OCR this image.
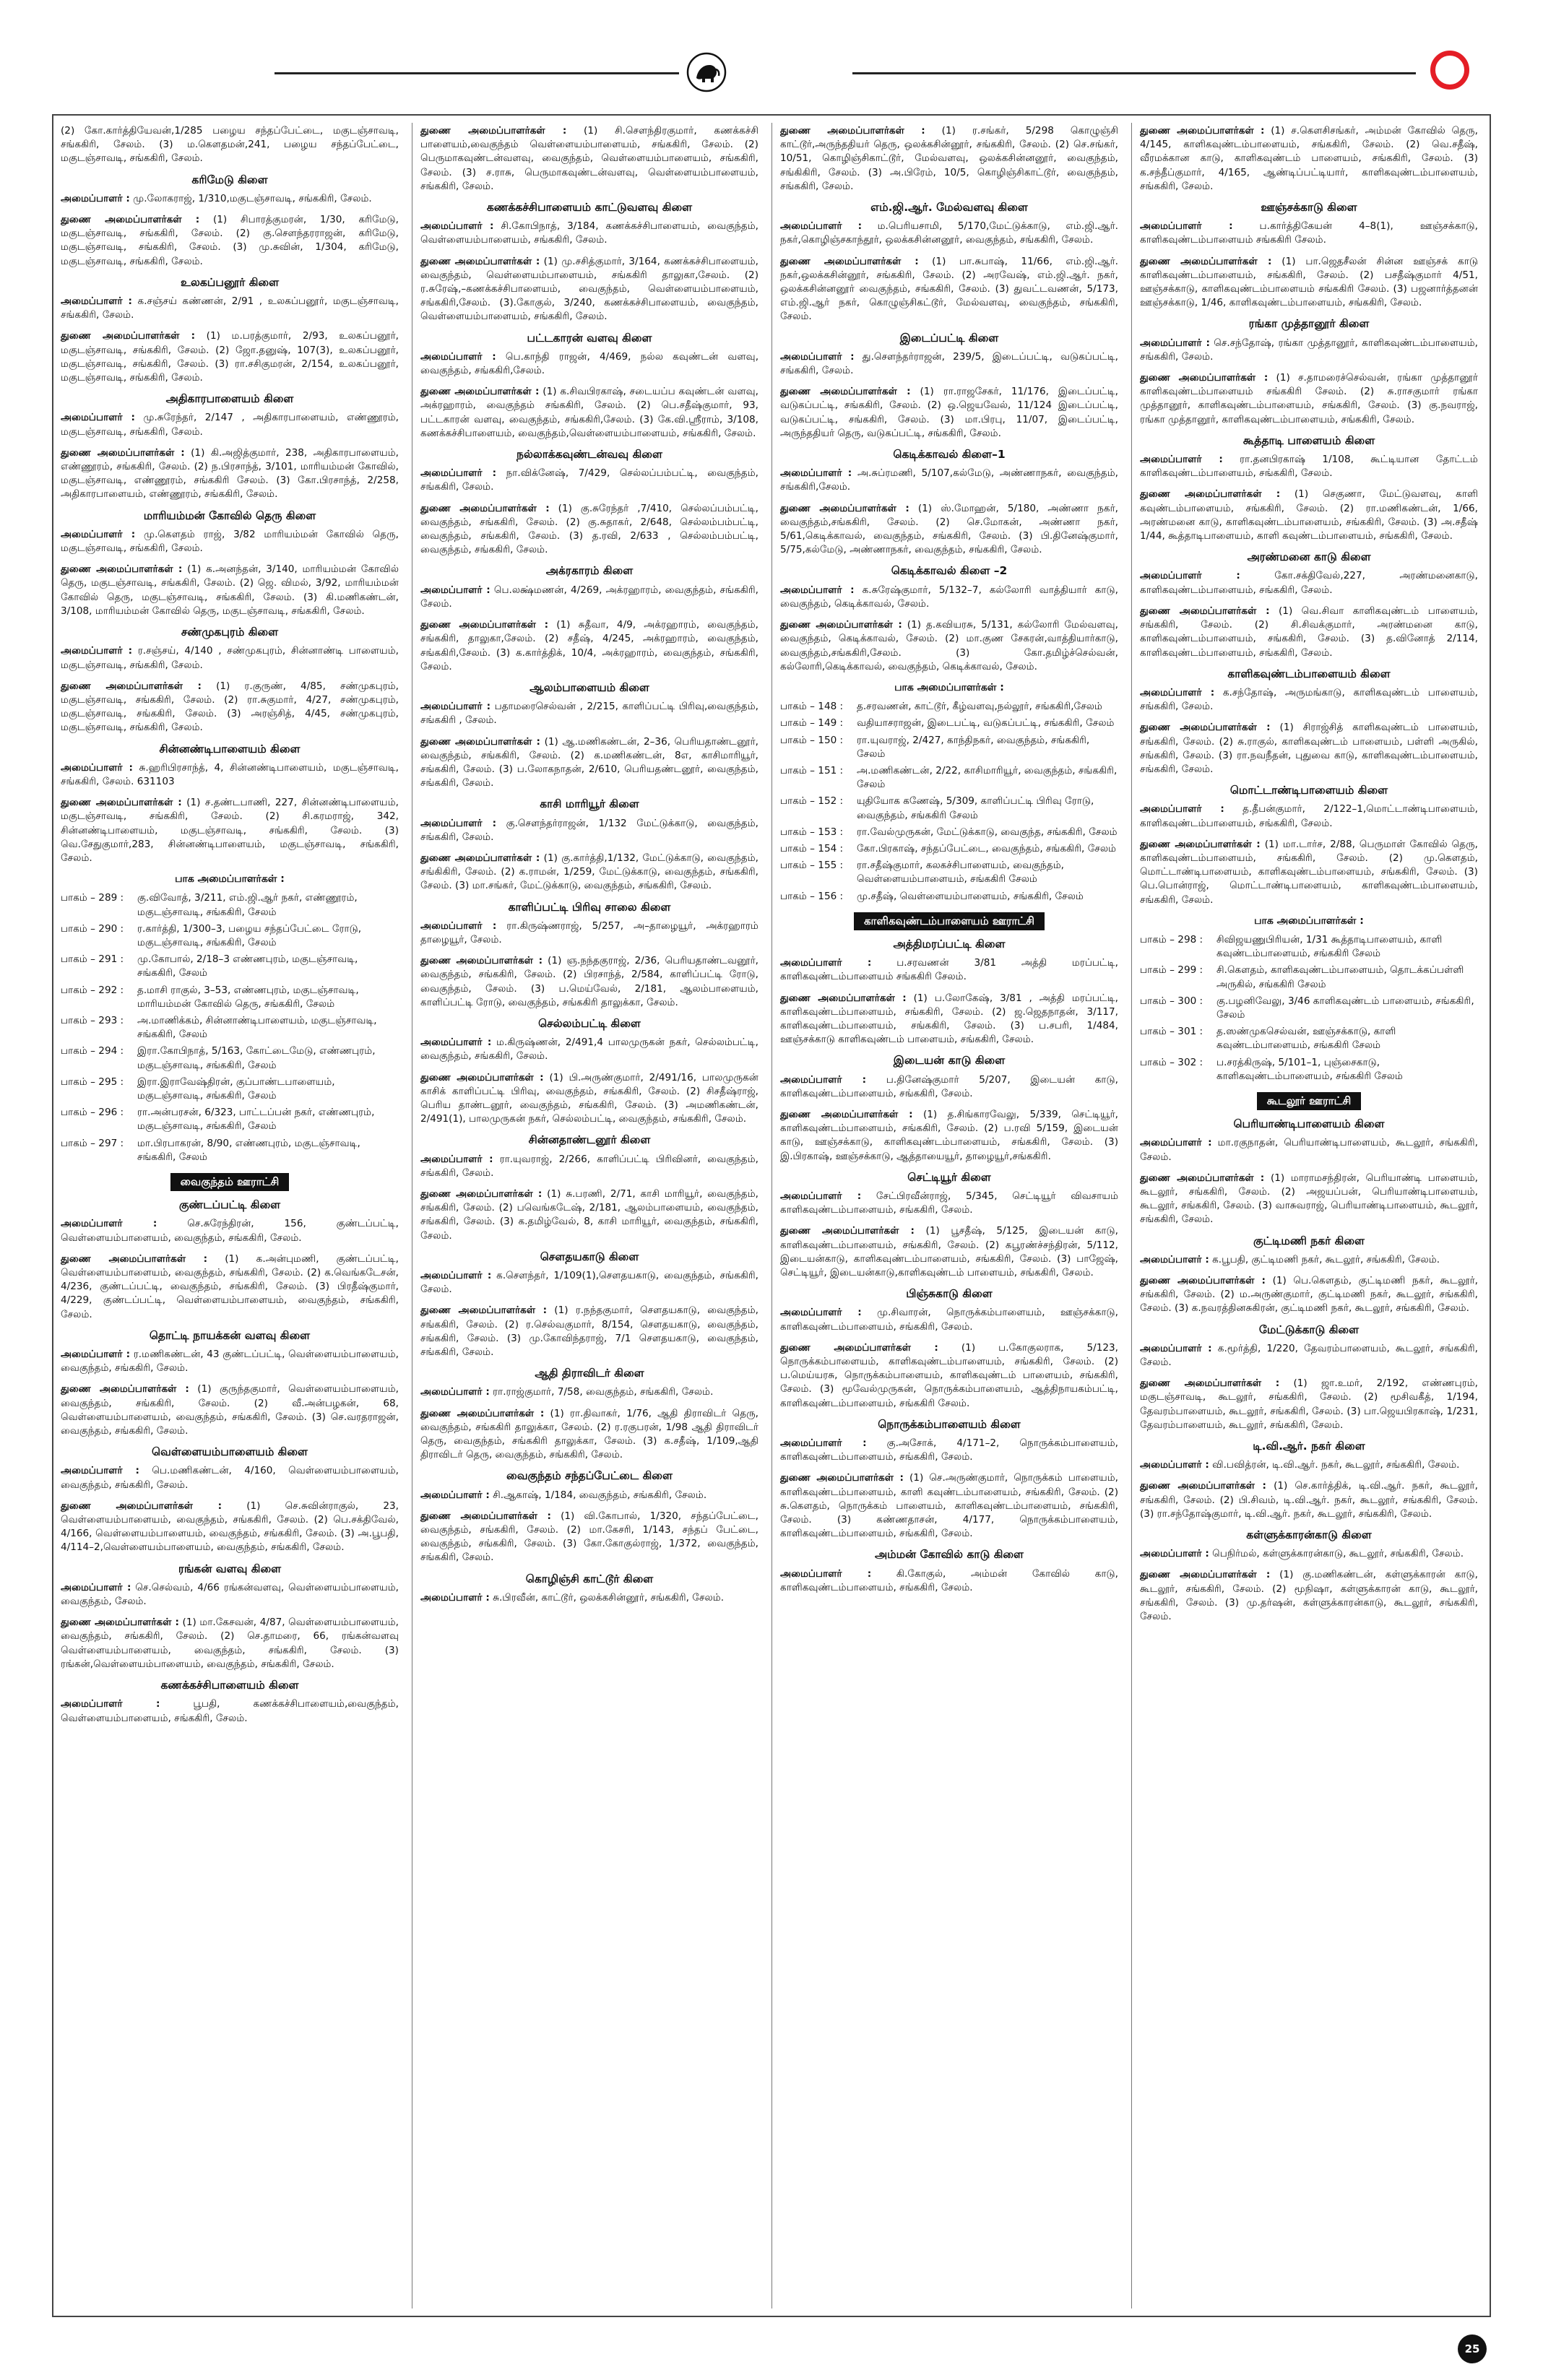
(2) கோ.கார்த்தியேவன்,1/285 பழைய சந்தப்பேட்டை, மகுடஞ்சாவடி, சங்ககிரி, சேலம். (3) ம.கௌதமன்,241, பழைய சந்தப்பேட்டை, மகுடஞ்சாவடி, சங்ககிரி, சேலம்.

கரிமேடு கிளை

அமைப்பாளர் : மு.லோகராஜ், 1/310,மகுடஞ்சாவடி, சங்ககிரி, சேலம்.

துணை அமைப்பாளர்கள் : (1) சிபாரத்குமரன், 1/30, கரிமேடு, மகுடஞ்சாவடி, சங்ககிரி, சேலம். (2) கு.சௌந்தரராஜன், கரிமேடு, மகுடஞ்சாவடி, சங்ககிரி, சேலம். (3) மு.சுவின், 1/304, கரிமேடு, மகுடஞ்சாவடி, சங்ககிரி, சேலம்.

உலகப்பனூர் கிளை

அமைப்பாளர் : க.சஞ்சய் கண்ணன், 2/91 , உலகப்பனூர், மகுடஞ்சாவடி, சங்ககிரி, சேலம்.

துணை அமைப்பாளர்கள் : (1) ம.பரத்குமார், 2/93, உலகப்பனூர், மகுடஞ்சாவடி, சங்ககிரி, சேலம். (2) ஜோ.தனுஷ், 107(3), உலகப்பனூர், மகுடஞ்சாவடி, சங்ககிரி, சேலம். (3) ரா.சசிகுமரன், 2/154, உலகப்பனூர், மகுடஞ்சாவடி, சங்ககிரி, சேலம்.

அதிகாரபாளையம் கிளை

அமைப்பாளர் : மு.சுரேந்தர், 2/147 , அதிகாரபாளையம், எண்ணூரம், மகுடஞ்சாவடி, சங்ககிரி, சேலம்.

துணை அமைப்பாளர்கள் : (1) கி.அஜித்குமார், 238, அதிகாரபாளையம், எண்ணூரம், சங்ககிரி, சேலம். (2) ந.பிரசாந்த், 3/101, மாரியம்மன் கோவில், மகுடஞ்சாவடி, எண்ணூரம், சங்ககிரி சேலம். (3) கோ.பிரசாந்த், 2/258, அதிகாரபாளையம், எண்ணூரம், சங்ககிரி, சேலம்.

மாரியம்மன் கோவில் தெரு கிளை

அமைப்பாளர் : மு.கௌதம் ராஜ், 3/82 மாரியம்மன் கோவில் தெரு, மகுடஞ்சாவடி, சங்ககிரி, சேலம்.

துணை அமைப்பாளர்கள் : (1) க.அனந்தன், 3/140, மாரியம்மன் கோவில் தெரு, மகுடஞ்சாவடி, சங்ககிரி, சேலம். (2) ஜெ. விமல், 3/92, மாரியம்மன் கோவில் தெரு, மகுடஞ்சாவடி, சங்ககிரி, சேலம். (3) கி.மணிகண்டன், 3/108, மாரியம்மன் கோவில் தெரு, மகுடஞ்சாவடி, சங்ககிரி, சேலம்.

சண்முகபுரம் கிளை

அமைப்பாளர் : ர.சஞ்சய், 4/140 , சண்முகபுரம், சின்னாண்டி பாளையம், மகுடஞ்சாவடி, சங்ககிரி, சேலம்.

துணை அமைப்பாளர்கள் : (1) ர.குருண், 4/85, சண்முகபுரம், மகுடஞ்சாவடி, சங்ககிரி, சேலம். (2) ரா.சுகுமார், 4/27, சண்முகபுரம், மகுடஞ்சாவடி, சங்ககிரி, சேலம். (3) அரஞ்சித், 4/45, சண்முகபுரம், மகுடஞ்சாவடி, சங்ககிரி, சேலம்.

சின்னண்டிபாளையம் கிளை

அமைப்பாளர் : சு.ஹரிபிரசாந்த், 4, சின்னண்டிபாளையம், மகுடஞ்சாவடி, சங்ககிரி, சேலம். 631103

துணை அமைப்பாளர்கள் : (1) ச.தண்டபாணி, 227, சின்னண்டிபாளையம், மகுடஞ்சாவடி, சங்ககிரி, சேலம். (2) சி.கரமராஜ், 342, சின்னண்டிபாளையம், மகுடஞ்சாவடி, சங்ககிரி, சேலம். (3) வெ.சேதுகுமார்,283, சின்னண்டிபாளையம், மகுடஞ்சாவடி, சங்ககிரி, சேலம்.

பாக அமைப்பாளர்கள் :
பாகம் – 289 :	கு.விவோத், 3/211, எம்.ஜி.ஆர் நகர், எண்ணூரம், மகுடஞ்சாவடி, சங்ககிரி, சேலம்
பாகம் – 290 :	ர.கார்த்தி, 1/300–3, பழைய சந்தப்பேட்டை ரோடு, மகுடஞ்சாவடி, சங்ககிரி, சேலம்
பாகம் – 291 :	மு.கோபால், 2/18–3 எண்ணபுரம், மகுடஞ்சாவடி, சங்ககிரி, சேலம்
பாகம் – 292 :	த.மாசி ராகுல், 3–53, எண்ணபுரம், மகுடஞ்சாவடி, மாரியம்மன் கோவில் தெரு, சங்ககிரி, சேலம்
பாகம் – 293 :	அ.மாணிக்கம், சின்னாண்டிபாளையம், மகுடஞ்சாவடி, சங்ககிரி, சேலம்
பாகம் – 294 :	இரா.கோபிநாத், 5/163, கோட்டைமேடு, எண்ணபுரம், மகுடஞ்சாவடி, சங்ககிரி, சேலம்
பாகம் – 295 :	இரா.இராவேஷ்திரன், குப்பாண்டபாளையம், மகுடஞ்சாவடி, சங்ககிரி, சேலம்
பாகம் – 296 :	ரா.அன்பரசன், 6/323, பாட்டப்பன் நகர், எண்ணபுரம், மகுடஞ்சாவடி, சங்ககிரி, சேலம்
பாகம் – 297 :	மா.பிரபாகரன், 8/90, எண்ணபுரம், மகுடஞ்சாவடி, சங்ககிரி, சேலம்
வைகுந்தம் ஊராட்சி
குண்டப்பட்டி கிளை

அமைப்பாளர் :	செ.சுரேந்திரன், 156, குண்டப்பட்டி, வெள்ளையம்பாளையம், வைகுந்தம், சங்ககிரி, சேலம்.

துணை அமைப்பாளர்கள் : (1) க.அன்புமணி, குண்டப்பட்டி, வெள்ளையம்பாளையம், வைகுந்தம், சங்ககிரி, சேலம். (2) க.வெங்கடேசன், 4/236, குண்டப்பட்டி, வைகுந்தம், சங்ககிரி, சேலம். (3) பிரதீஷ்குமார், 4/229, குண்டப்பட்டி, வெள்ளையம்பாளையம், வைகுந்தம், சங்ககிரி, சேலம்.

தொட்டி நாயக்கன் வளவு கிளை

அமைப்பாளர் : ர.மணிகண்டன், 43 குண்டப்பட்டி, வெள்ளையம்பாளையம், வைகுந்தம், சங்ககிரி, சேலம்.

துணை அமைப்பாளர்கள் : (1) குருந்தகுமார், வெள்ளையம்பாளையம், வைகுந்தம், சங்ககிரி, சேலம். (2) வீ.அன்பழகன், 68, வெள்ளையம்பாளையம், வைகுந்தம், சங்ககிரி, சேலம். (3) செ.வரதராஜன், வைகுந்தம், சங்ககிரி, சேலம்.

வெள்ளையம்பாளையம் கிளை

அமைப்பாளர் : பெ.மணிகண்டன், 4/160, வெள்ளையம்பாளையம், வைகுந்தம், சங்ககிரி, சேலம்.

துணை அமைப்பாளர்கள் :	(1) செ.சுவின்ராகுல், 23, வெள்ளையம்பாளையம், வைகுந்தம், சங்ககிரி, சேலம். (2) பெ.சக்திவேல், 4/166, வெள்ளையம்பாளையம், வைகுந்தம், சங்ககிரி, சேலம். (3) அ.பூபதி, 4/114–2,வெள்ளையம்பாளையம், வைகுந்தம், சங்ககிரி, சேலம்.

ரங்கன் வளவு கிளை

அமைப்பாளர் : செ.செல்வம், 4/66 ரங்கன்வளவு, வெள்ளையம்பாளையம், வைகுந்தம், சேலம்.

துணை அமைப்பாளர்கள் : (1) மா.கேசவன், 4/87, வெள்ளையம்பாளையம், வைகுந்தம், சங்ககிரி, சேலம். (2) செ.தாமரை, 66, ரங்கன்வளவு வெள்ளையம்பாளையம், வைகுந்தம், சங்ககிரி, சேலம். (3) ரங்கன்,வெள்ளையம்பாளையம், வைகுந்தம், சங்ககிரி, சேலம்.

கணக்கச்சிபாளையம் கிளை

அமைப்பாளர் :	பூபதி, கணக்கச்சிபாளையம்,வைகுந்தம், வெள்ளையம்பாளையம், சங்ககிரி, சேலம்.

துணை அமைப்பாளர்கள் : (1) சி.சௌந்திரகுமார், கணக்கச்சி பாளையம்,வைகுந்தம் வெள்ளையம்பாளையம், சங்ககிரி, சேலம். (2) பெருமாகவுண்டன்வளவு, வைகுந்தம், வெள்ளையம்பாளையம், சங்ககிரி, சேலம். (3) ச.ராசு, பெருமாகவுண்டன்வளவு, வெள்ளையம்பாளையம், சங்ககிரி, சேலம்.

கணக்கச்சிபாளையம் காட்டுவளவு கிளை

அமைப்பாளர் : சி.கோபிநாத், 3/184, கணக்கச்சிபாளையம், வைகுந்தம், வெள்ளையம்பாளையம், சங்ககிரி, சேலம்.

துணை அமைப்பாளர்கள் : (1) மு.சசித்குமார், 3/164, கணக்கச்சிபாளையம், வைகுந்தம், வெள்ளையம்பாளையம், சங்ககிரி தாலுகா,சேலம். (2) ர.சுரேஷ்,–கணக்கச்சிபாளையம், வைகுந்தம், வெள்ளையம்பாளையம், சங்ககிரி,சேலம். (3).கோகுல், 3/240, கணக்கச்சிபாளையம், வைகுந்தம், வெள்ளையம்பாளையம், சங்ககிரி, சேலம்.

பட்டகாரன் வளவு கிளை

அமைப்பாளர் : பெ.காந்தி ராஜன், 4/469, நல்ல கவுண்டன் வளவு, வைகுந்தம், சங்ககிரி,சேலம்.

துணை அமைப்பாளர்கள் : (1) க.சிவபிரகாஷ், சடையப்ப கவுண்டன் வளவு, அக்ரஹாரம், வைகுந்தம் சங்ககிரி, சேலம். (2) பெ.சதீஷ்குமார், 93, பட்டகாரன் வளவு, வைகுந்தம், சங்ககிரி,சேலம். (3) கே.வி.ஸ்ரீராம், 3/108, கணக்கச்சிபாளையம், வைகுந்தம்,வெள்ளையம்பாளையம், சங்ககிரி, சேலம்.

நல்லாக்கவுண்டன்வவு கிளை

அமைப்பாளர் : நா.விக்னேஷ், 7/429, செல்லப்பம்பட்டி, வைகுந்தம், சங்ககிரி, சேலம்.

துணை அமைப்பாளர்கள் : (1) கு.சுரேந்தர் ,7/410, செல்லப்பம்பட்டி, வைகுந்தம், சங்ககிரி, சேலம். (2) கு.சுதாகர், 2/648, செல்லம்பம்பட்டி, வைகுந்தம், சங்ககிரி, சேலம். (3) த.ரவி, 2/633 , செல்லம்பம்பட்டி, வைகுந்தம், சங்ககிரி, சேலம்.

அக்ரகாரம் கிளை

அமைப்பாளர் : பெ.லக்ஷ்மணன், 4/269, அக்ரஹாரம், வைகுந்தம், சங்ககிரி, சேலம்.

துணை அமைப்பாளர்கள் : (1) சுதீவா, 4/9, அக்ரஹாரம், வைகுந்தம், சங்ககிரி, தாலுகா,சேலம். (2) சதீஷ், 4/245, அக்ரஹாரம், வைகுந்தம், சங்ககிரி,சேலம். (3) க.கார்த்திக், 10/4, அக்ரஹாரம், வைகுந்தம், சங்ககிரி, சேலம்.

ஆலம்பாளையம் கிளை

அமைப்பாளர் : பதாமரைசெல்வன் , 2/215, காளிப்பட்டி பிரிவு,வைகுந்தம், சங்ககிரி , சேலம்.

துணை அமைப்பாளர்கள் : (1) ஆ.மணிகண்டன், 2–36, பெரியதாண்டனூர், வைகுந்தம், சங்ககிரி, சேலம். (2) க.மணிகண்டன், 8எ, காசிமாரியூர், சங்ககிரி, சேலம். (3) ப.லோகநாதன், 2/610, பெரியதண்டனூர், வைகுந்தம், சங்ககிரி, சேலம்.

காசி மாரியூர் கிளை

அமைப்பாளர் : கு.சௌந்தர்ராஜன், 1/132 மேட்டுக்காடு, வைகுந்தம், சங்ககிரி, சேலம்.

துணை அமைப்பாளர்கள் : (1) கு.கார்த்தி,1/132, மேட்டுக்காடு, வைகுந்தம், சங்கிகிரி, சேலம். (2) க.ராமன், 1/259, மேட்டுக்காடு, வைகுந்தம், சங்ககிரி, சேலம். (3) மா.சங்கர், மேட்டுக்காடு, வைகுந்தம், சங்ககிரி, சேலம்.

காளிப்பட்டி பிரிவு சாலை கிளை

அமைப்பாளர் : ரா.கிருஷ்ணராஜ், 5/257, அ–தாழையூர், அக்ரஹாரம் தாழையூர், சேலம்.

துணை அமைப்பாளர்கள் : (1) ஞ.நந்தகுராஜ், 2/36, பெரியதாண்டவனூர், வைகுந்தம், சங்ககிரி, சேலம். (2) பிரசாந்த், 2/584, காளிப்பட்டி ரோடு, வைகுந்தம், சேலம். (3) ப.மெய்வேல், 2/181, ஆலம்பாளையம், காளிப்பட்டி ரோடு, வைகுந்தம், சங்ககிரி தாலுக்கா, சேலம்.

செல்லம்பட்டி கிளை

அமைப்பாளர் : ம.கிருஷ்ணன், 2/491,4 பாலமுருகன் நகர், செல்லம்பட்டி, வைகுந்தம், சங்ககிரி, சேலம்.

துணை அமைப்பாளர்கள் : (1) பி.அருண்குமார், 2/491/16, பாலமுருகன் காசிக் காளிப்பட்டி பிரிவு, வைகுந்தம், சங்ககிரி, சேலம். (2) சிசதீஷ்ராஜ், பெரிய தாண்டனூர், வைகுந்தம், சங்ககிரி, சேலம். (3) அமணிகண்டன், 2/491(1), பாலமுருகன் நகர், செல்லம்பட்டி, வைகுந்தம், சங்ககிரி, சேலம்.

சின்னதாண்டனூர் கிளை

அமைப்பாளர் : ரா.யுவராஜ், 2/266, காளிப்பட்டி பிரிவினர், வைகுந்தம், சங்ககிரி, சேலம்.

துணை அமைப்பாளர்கள் : (1) சு.பரணி, 2/71, காசி மாரியூர், வைகுந்தம், சங்ககிரி, சேலம். (2) பவெங்கடேஷ், 2/181, ஆலம்பாளையம், வைகுந்தம், சங்ககிரி, சேலம். (3) க.தமிழ்வேல், 8, காசி மாரியூர், வைகுந்தம், சங்ககிரி, சேலம்.

சௌதயகாடு கிளை

அமைப்பாளர் : க.சௌந்தர், 1/109(1),சௌதயகாடு, வைகுந்தம், சங்ககிரி, சேலம்.

துணை அமைப்பாளர்கள் : (1) ர.நந்தகுமார், சௌதயகாடு, வைகுந்தம், சங்ககிரி, சேலம். (2) ர.செல்வகுமார், 8/154, சௌதயகாடு, வைகுந்தம், சங்ககிரி, சேலம். (3) மு.கோவிந்தராஜ், 7/1 சௌதயகாடு, வைகுந்தம், சங்ககிரி, சேலம்.

ஆதி திராவிடர் கிளை

அமைப்பாளர் : ரா.ராஜ்குமார், 7/58, வைகுந்தம், சங்ககிரி, சேலம்.

துணை அமைப்பாளர்கள் : (1) ரா.திவாகர், 1/76, ஆதி திராவிடர் தெரு, வைகுந்தம், சங்ககிரி தாலுக்கா, சேலம். (2) ர.ரகுபரன், 1/98 ஆதி திராவிடர் தெரு, வைகுந்தம், சங்ககிரி தாலுக்கா, சேலம். (3) க.சதீஷ், 1/109,ஆதி திராவிடர் தெரு, வைகுந்தம், சங்ககிரி, சேலம்.

வைகுந்தம் சந்தப்பேட்டை கிளை

அமைப்பாளர் : சி.ஆகாஷ், 1/184, வைகுந்தம், சங்ககிரி, சேலம்.

துணை அமைப்பாளர்கள் : (1) வி.கோபால், 1/320, சந்தப்பேட்டை, வைகுந்தம், சங்ககிரி, சேலம். (2) மா.கேசரி, 1/143, சந்தப் பேட்டை, வைகுந்தம், சங்ககிரி, சேலம். (3) கோ.கோகுல்ராஜ், 1/372, வைகுந்தம், சங்ககிரி, சேலம்.

கொழிஞ்சி காட்டூர் கிளை

அமைப்பாளர் : சு.பிரவீன், காட்டூர், ஒலக்கசின்னூர், சங்ககிரி, சேலம்.

துணை அமைப்பாளர்கள் : (1) ர.சங்கர், 5/298 கொழுஞ்சி காட்டூர்,அருந்ததியர் தெரு, ஒலக்கசின்னூர், சங்ககிரி, சேலம். (2) செ.சங்கர், 10/51, கொழிஞ்சிகாட்டூர், மேல்வளவு, ஒலக்கசின்னனூர், வைகுந்தம், சங்கிகிரி, சேலம். (3) அ.பிரேம், 10/5, கொழிஞ்சிகாட்டூர், வைகுந்தம், சங்ககிரி, சேலம்.

எம்.ஜி.ஆர். மேல்வளவு கிளை

அமைப்பாளர் : ம.பெரியசாமி, 5/170,மேட்டுக்காடு, எம்.ஜி.ஆர். நகர்,கொழிஞ்சகாந்தூர், ஒலக்கசின்னனூர், வைகுந்தம், சங்ககிரி, சேலம்.

துணை அமைப்பாளர்கள் : (1) பா.சுபாஷ், 11/66, எம்.ஜி.ஆர். நகர்,ஒலக்கசின்னூர், சங்ககிரி, சேலம். (2) அரவேஷ், எம்.ஜி.ஆர். நகர், ஒலக்கசின்னனூர் வைகுந்தம், சங்ககிரி, சேலம். (3) துவட்டவணன், 5/173, எம்.ஜி.ஆர் நகர், கொழுஞ்சிகட்டூர், மேல்வளவு, வைகுந்தம், சங்ககிரி, சேலம்.

இடைப்பட்டி கிளை

அமைப்பாளர் : து.சௌந்தர்ராஜன், 239/5, இடைப்பட்டி, வடுகப்பட்டி, சங்ககிரி, சேலம்.

துணை அமைப்பாளர்கள் : (1) ரா.ராஜசேகர், 11/176, இடைப்பட்டி, வடுகப்பட்டி, சங்ககிரி, சேலம். (2) ஒ.ஜெயவேல், 11/124 இடைப்பட்டி, வடுகப்பட்டி, சங்ககிரி, சேலம். (3) மா.பிரபு, 11/07, இடைப்பட்டி, அருந்ததியர் தெரு, வடுகப்பட்டி, சங்ககிரி, சேலம்.

கெடிக்காவல் கிளை–1

அமைப்பாளர் : அ.சுப்ரமணி, 5/107,கல்மேடு, அண்ணாநகர், வைகுந்தம், சங்ககிரி,சேலம்.

துணை அமைப்பாளர்கள் : (1) ஸ்.மோஹன், 5/180, அண்ணா நகர், வைகுந்தம்,சங்ககிரி, சேலம். (2) செ.மோகன், அண்ணா நகர், 5/61,கெடிக்காவல், வைகுந்தம், சங்ககிரி, சேலம். (3) பி.தினேஷ்குமார், 5/75,கல்மேடு, அண்ணாநகர், வைகுந்தம், சங்ககிரி, சேலம்.

கெடிக்காவல் கிளை –2

அமைப்பாளர் : க.சுரேஷ்குமார், 5/132–7, கல்லோரி வாத்தியார் காடு, வைகுந்தம், கெடிக்காவல், சேலம்.

துணை அமைப்பாளர்கள் : (1) த.கவியரசு, 5/131, கல்லோரி மேல்வளவு, வைகுந்தம், கெடிக்காவல், சேலம். (2) மா.குண சேகரன்,வாத்தியார்காடு, வைகுந்தம்,சங்ககிரி,சேலம். (3) கோ.தமிழ்ச்செல்வன், கல்லோரி,கெடிக்காவல், வைகுந்தம், கெடிக்காவல், சேலம்.

பாக அமைப்பாளர்கள் :
பாகம் – 148 :	த.சரவணன், காட்டூர், கீழ்வளவு,நல்லூர், சங்ககிரி,சேலம்
பாகம் – 149 :	வதியாசராஜன், இடைபட்டி, வடுகப்பட்டி, சங்ககிரி, சேலம்
பாகம் – 150 :	ரா.யுவராஜ், 2/427, காந்திநகர், வைகுந்தம், சங்ககிரி, சேலம்
பாகம் – 151 :	அ.மணிகண்டன், 2/22, காசிமாரியூர், வைகுந்தம், சங்ககிரி, சேலம்
பாகம் – 152 :	யுதியோக கணேஷ், 5/309, காளிப்பட்டி பிரிவு ரோடு, வைகுந்தம், சங்ககிரி சேலம்
பாகம் – 153 :	ரா.வேல்முருகன், மேட்டுக்காடு, வைகுந்த, சங்ககிரி, சேலம்
பாகம் – 154 :	கோ.பிரகாஷ், சந்தப்பேட்டை, வைகுந்தம், சங்ககிரி, சேலம்
பாகம் – 155 :	ரா.சதீஷ்குமார், கலகச்சிபாளையம், வைகுந்தம், வெள்ளையம்பாளையம், சங்ககிரி சேலம்
பாகம் – 156 :	மு.சதீஷ், வெள்ளையம்பாளையம், சங்ககிரி, சேலம்
காளிகவுண்டம்பாளையம் ஊராட்சி
அத்திமரப்பட்டி கிளை

அமைப்பாளர் :	ப.சரவணன் 3/81 அத்தி மரப்பட்டி, காளிகவுண்டம்பாளையம் சங்ககிரி சேலம்.

துணை அமைப்பாளர்கள் : (1) ப.லோகேஷ், 3/81 , அத்தி மரப்பட்டி, காளிகவுண்டம்பாளையம், சங்ககிரி, சேலம். (2) ஜ.ஜெதநாதன், 3/117, காளிகவுண்டம்பாளையம், சங்ககிரி, சேலம். (3) ப.சபரி, 1/484, ஊஞ்சக்காடு காளிகவுண்டம் பாளையம், சங்ககிரி, சேலம்.

இடையன் காடு கிளை

அமைப்பாளர் : ப.தினேஷ்குமார் 5/207, இடையன் காடு, காளிகவுண்டம்பாளையம், சங்ககிரி, சேலம்.

துணை அமைப்பாளர்கள் : (1) த.சிங்காரவேலு, 5/339, செட்டியூர், காளிகவுண்டம்பாளையம், சங்ககிரி, சேலம். (2) ப.ரவி 5/159, இடையன் காடு, ஊஞ்சக்காடு, காளிகவுண்டம்பாளையம், சங்ககிரி, சேலம். (3) இ.பிரகாஷ், ஊஞ்சக்காடு, ஆத்தாயையூர், தாழையூர்,சங்ககிரி.

செட்டியூர் கிளை

அமைப்பாளர் : சேட்பிரவீன்ராஜ், 5/345, செட்டியூர் விவசாயம் காளிகவுண்டம்பாளையம், சங்ககிரி, சேலம்.

துணை அமைப்பாளர்கள் : (1) பூசதீஷ், 5/125, இடையன் காடு, காளிகவுண்டம்பாளையம், சங்ககிரி, சேலம். (2) கபூரண்ச்சந்திரன், 5/112, இடையன்காடு, காளிகவுண்டம்பாளையம், சங்ககிரி, சேலம். (3) பாஜேஷ், செட்டியூர், இடையன்காடு,காளிகவுண்டம் பாளையம், சங்ககிரி, சேலம்.

பிஞ்சுகாடு கிளை

அமைப்பாளர் : மு.சிவாரன், நொருக்கம்பாளையம், ஊஞ்சக்காடு, காளிகவுண்டம்பாளையம், சங்ககிரி, சேலம்.

துணை அமைப்பாளர்கள் : (1) ப.கோகுலராக, 5/123, நொருக்கம்பாளையம், காளிகவுண்டம்பாளையம், சங்ககிரி, சேலம். (2) ப.மெய்யரசு, நொருக்கம்பாளையம், காளிகவுண்டம் பாளையம், சங்ககிரி, சேலம். (3) மூவேல்முருகன், நொருக்கம்பாளையம், ஆத்திநாயகம்பட்டி, காளிகவுண்டம்பாளையம், சங்ககிரி சேலம்.

நொருக்கம்பாளையம் கிளை

அமைப்பாளர் : கு.அசோக், 4/171–2, நொருக்கம்பாளையம், காளிகவுண்டம்பாளையம், சங்ககிரி, சேலம்.

துணை அமைப்பாளர்கள் : (1) செ.அருண்குமார், நொருக்கம் பாளையம், காளிகவுண்டம்பாளையம், காளி கவுண்டம்பாளையம், சங்ககிரி, சேலம். (2) சு.கௌதம், நொருக்கம் பாளையம், காளிகவுண்டம்பாளையம், சங்ககிரி, சேலம். (3) கண்ணதாசன், 4/177, நொருக்கம்பாளையம், காளிகவுண்டம்பாளையம், சங்ககிரி, சேலம்.

அம்மன் கோவில் காடு கிளை

அமைப்பாளர் :	கி.கோகுல், அம்மன் கோவில் காடு, காளிகவுண்டம்பாளையம், சங்ககிரி, சேலம்.

துணை அமைப்பாளர்கள் : (1) ச.கௌசிசங்கர், அம்மன் கோவில் தெரு, 4/145, காளிகவுண்டம்பாளையம், சங்ககிரி, சேலம். (2) வெ.சதீஷ், வீரமக்கான காடு, காளிகவுண்டம் பாளையம், சங்ககிரி, சேலம். (3) க.சந்தீப்குமார், 4/165, ஆண்டிப்பட்டியார், காளிகவுண்டம்பாளையம், சங்ககிரி, சேலம்.

ஊஞ்சக்காடு கிளை

அமைப்பாளர் :	ப.கார்த்திகேயன் 4–8(1), ஊஞ்சக்காடு, காளிகவுண்டம்பாளையம் சங்ககிரி சேலம்.

துணை அமைப்பாளர்கள் : (1) பா.ஜெதசீலன் சின்ன ஊஞ்சக் காடு காளிகவுண்டம்பாளையம், சங்ககிரி, சேலம். (2) பசதீஷ்குமார் 4/51, ஊஞ்சக்காடு, காளிகவுண்டம்பாளையம் சங்ககிரி சேலம். (3) பஜனார்த்தனன் ஊஞ்சக்காடு, 1/46, காளிகவுண்டம்பாளையம், சங்ககிரி, சேலம்.

ரங்கா முத்தானூர் கிளை

அமைப்பாளர் : செ.சந்தோஷ், ரங்கா முத்தானூர், காளிகவுண்டம்பாளையம், சங்ககிரி, சேலம்.

துணை அமைப்பாளர்கள் : (1) ச.தாமரைச்செல்வன், ரங்கா முத்தானூர் காளிகவுண்டம்பாளையம் சங்ககிரி சேலம். (2) சு.ராசகுமார் ரங்கா முத்தானூர், காளிகவுண்டம்பாளையம், சங்ககிரி, சேலம். (3) கு.நவராஜ், ரங்கா முத்தானூர், காளிகவுண்டம்பாளையம், சங்ககிரி, சேலம்.

கூத்தாடி பாளையம் கிளை

அமைப்பாளர் : ரா.தனபிரகாஷ் 1/108, கூட்டியான தோட்டம் காளிகவுண்டம்பாளையம், சங்ககிரி, சேலம்.

துணை அமைப்பாளர்கள் : (1) செகுணா, மேட்டுவளவு, காளி கவுண்டம்பாளையம், சங்ககிரி, சேலம். (2) ரா.மணிகண்டன், 1/66, அரண்மனை காடு, காளிகவுண்டம்பாளையம், சங்ககிரி, சேலம். (3) அ.சதீஷ் 1/44, கூத்தாடிபாளையம், காளி கவுண்டம்பாளையம், சங்ககிரி, சேலம்.

அரண்மனை காடு கிளை

அமைப்பாளர் :	கோ.சக்திவேல்,227, அரண்மனைகாடு, காளிகவுண்டம்பாளையம், சங்ககிரி, சேலம்.

துணை அமைப்பாளர்கள் : (1) வெ.சிவா காளிகவுண்டம் பாளையம், சங்ககிரி, சேலம். (2) சி.சிவக்குமார், அரண்மனை காடு, காளிகவுண்டம்பாளையம், சங்ககிரி, சேலம். (3) த.வினோத் 2/114, காளிகவுண்டம்பாளையம், சங்ககிரி, சேலம்.

காளிகவுண்டம்பாளையம் கிளை

அமைப்பாளர் : க.சந்தோஷ், அருமங்காடு, காளிகவுண்டம் பாளையம், சங்ககிரி, சேலம்.

துணை அமைப்பாளர்கள் : (1) சிராஜ்சித் காளிகவுண்டம் பாளையம், சங்ககிரி, சேலம். (2) சு.ராகுல், காளிகவுண்டம் பாளையம், பள்ளி அருகில், சங்ககிரி, சேலம். (3) ரா.நவநீதன், புதுவை காடு, காளிகவுண்டம்பாளையம், சங்ககிரி, சேலம்.

மொட்டாண்டிபாளையம் கிளை

அமைப்பாளர் : த.தீபன்குமார், 2/122–1,மொட்டாண்டிபாளையம், காளிகவுண்டம்பாளையம், சங்ககிரி, சேலம்.

துணை அமைப்பாளர்கள் : (1) மா.டார்ச, 2/88, பெருமாள் கோவில் தெரு, காளிகவுண்டம்பாளையம், சங்ககிரி, சேலம். (2) மு.கௌதம், மொட்டாண்டிபாளையம், காளிகவுண்டம்பாளையம், சங்ககிரி, சேலம். (3) பெ.பொன்ராஜ், மொட்டாண்டிபாளையம், காளிகவுண்டம்பாளையம், சங்ககிரி, சேலம்.

பாக அமைப்பாளர்கள் :
பாகம் – 298 :	சிவிஜயணுபிரியன், 1/31 கூத்தாடிபாளையம், காளி கவுண்டம்பாளையம், சங்ககிரி சேலம்
பாகம் – 299 :	சி.கௌதம், காளிகவுண்டம்பாளையம், தொடக்கப்பள்ளி அருகில், சங்ககிரி சேலம்
பாகம் – 300 :	கு.பழனிவேலு, 3/46 காளிகவுண்டம் பாளையம், சங்ககிரி, சேலம்
பாகம் – 301 :	த.ஸண்முகசெல்வன், ஊஞ்சக்காடு, காளி கவுண்டம்பாளையம், சங்ககிரி சேலம்
பாகம் – 302 :	ப.சரத்கிருஷ், 5/101–1, புஞ்சைகாடு, காளிகவுண்டம்பாளையம், சங்ககிரி சேலம்
கூடலூர் ஊராட்சி
பெரியாண்டிபாளையம் கிளை

அமைப்பாளர் : மா.ரகுநாதன், பெரியாண்டிபாளையம், கூடலூர், சங்ககிரி, சேலம்.

துணை அமைப்பாளர்கள் : (1) மாராமசந்திரன், பெரியாண்டி பாளையம், கூடலூர், சங்ககிரி, சேலம். (2) அஜயப்பன், பெரியாண்டிபாளையம், கூடலூர், சங்ககிரி, சேலம். (3) வாசுவராஜ், பெரியாண்டிபாளையம், கூடலூர், சங்ககிரி, சேலம்.

குட்டிமணி நகர் கிளை

அமைப்பாளர் : க.பூபதி, குட்டிமணி நகர், கூடலூர், சங்ககிரி, சேலம்.

துணை அமைப்பாளர்கள் : (1) பெ.கௌதம், குட்டிமணி நகர், கூடலூர், சங்ககிரி, சேலம். (2) ம.அருண்குமார், குட்டிமணி நகர், கூடலூர், சங்ககிரி, சேலம். (3) க.நவரத்தினசுகிரன், குட்டிமணி நகர், கூடலூர், சங்ககிரி, சேலம்.

மேட்டுக்காடு கிளை

அமைப்பாளர் : க.மூர்த்தி, 1/220, தேவரம்பாளையம், கூடலூர், சங்ககிரி, சேலம்.

துணை அமைப்பாளர்கள் : (1) ஜா.உமர், 2/192, எண்ணபுரம், மகுடஞ்சாவடி, கூடலூர், சங்ககிரி, சேலம். (2) மூசிவகீத், 1/194, தேவரம்பாளையம், கூடலூர், சங்ககிரி, சேலம். (3) பா.ஜெயபிரகாஷ், 1/231, தேவரம்பாளையம், கூடலூர், சங்ககிரி, சேலம்.

டி.வி.ஆர். நகர் கிளை

அமைப்பாளர் : வி.பவித்ரன், டி.வி.ஆர். நகர், கூடலூர், சங்ககிரி, சேலம்.

துணை அமைப்பாளர்கள் : (1) செ.கார்த்திக், டி.வி.ஆர். நகர், கூடலூர், சங்ககிரி, சேலம். (2) பி.சிவம், டி.வி.ஆர். நகர், கூடலூர், சங்ககிரி, சேலம். (3) ரா.சந்தோஷ்குமார், டி.வி.ஆர். நகர், கூடலூர், சங்ககிரி, சேலம்.

கள்ளுக்காரன்காடு கிளை

அமைப்பாளர் : பெநிர்மல், கள்ளுக்காரன்காடு, கூடலூர், சங்ககிரி, சேலம்.

துணை அமைப்பாளர்கள் : (1) கு.மணிகண்டன், கள்ளுக்காரன் காடு, கூடலூர், சங்ககிரி, சேலம். (2) மூநிஷா, கள்ளுக்காரன் காடு, கூடலூர், சங்ககிரி, சேலம். (3) மு.தர்ஷன், கள்ளுக்காரன்காடு, கூடலூர், சங்ககிரி, சேலம்.

25
